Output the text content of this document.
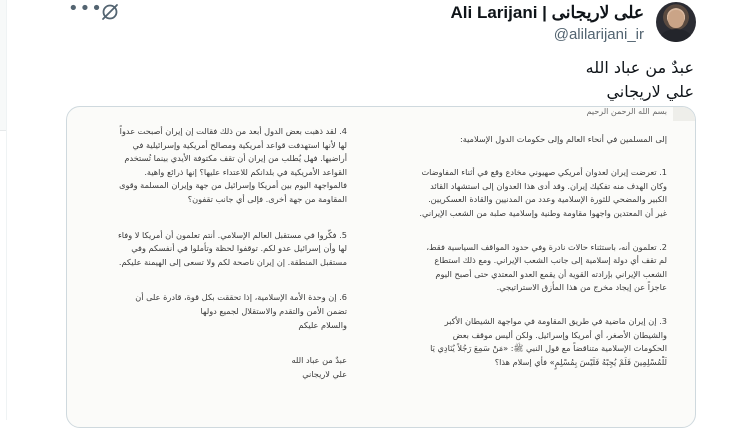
•••	Ali Larijani | علی لاریجانی
@alilarijani_ir
عبدٌ من عباد الله
علي لاريجاني
بسم الله الرحمن الرحيم

إلى المسلمين في أنحاء العالم وإلى حكومات الدول الإسلامية:

1. تعرضت إيران لعدوان أمريكي صهيوني مخادع وقع في أثناء المفاوضات وكان الهدف منه تفكيك إيران. وقد أدى هذا العدوان إلى استشهاد القائد الكبير والمضحي للثورة الإسلامية وعدد من المدنيين والقادة العسكريين. غير أن المعتدين واجهوا مقاومة وطنية وإسلامية صلبة من الشعب الإيراني.

2. تعلمون أنه، باستثناء حالات نادرة وفي حدود المواقف السياسية فقط، لم تقف أي دولة إسلامية إلى جانب الشعب الإيراني. ومع ذلك استطاع الشعب الإيراني بإرادته القوية أن يقمع العدو المعتدي حتى أصبح اليوم عاجزاً عن إيجاد مخرج من هذا المأزق الاستراتيجي.

3. إن إيران ماضية في طريق المقاومة في مواجهة الشيطان الأكبر والشيطان الأصغر، أي أمريكا وإسرائيل. ولكن أليس موقف بعض الحكومات الإسلامية متناقضاً مع قول النبي ﷺ: «مَنْ سَمِعَ رَجُلاً يُنَادِي يَا لَلْمُسْلِمِينَ فَلَمْ يُجِبْهُ فَلَيْسَ بِمُسْلِمٍ» فأي إسلام هذا؟

4. لقد ذهبت بعض الدول أبعد من ذلك فقالت إن إيران أصبحت عدواً لها لأنها استهدفت قواعد أمريكية ومصالح أمريكية وإسرائيلية في أراضيها. فهل يُطلب من إيران أن تقف مكتوفة الأيدي بينما تُستخدم القواعد الأمريكية في بلدانكم للاعتداء عليها؟ إنها ذرائع واهية. فالمواجهة اليوم بين أمريكا وإسرائيل من جهة وإيران المسلمة وقوى المقاومة من جهة أخرى. فإلى أي جانب تقفون؟

5. فكّروا في مستقبل العالم الإسلامي. أنتم تعلمون أن أمريكا لا وفاء لها وأن إسرائيل عدو لكم. توقفوا لحظة وتأملوا في أنفسكم وفي مستقبل المنطقة. إن إيران ناصحة لكم ولا تسعى إلى الهيمنة عليكم.

6. إن وحدة الأمة الإسلامية، إذا تحققت بكل قوة، قادرة على أن تضمن الأمن والتقدم والاستقلال لجميع دولها

والسلام عليكم

عبدٌ من عباد الله

علي لاريجاني
